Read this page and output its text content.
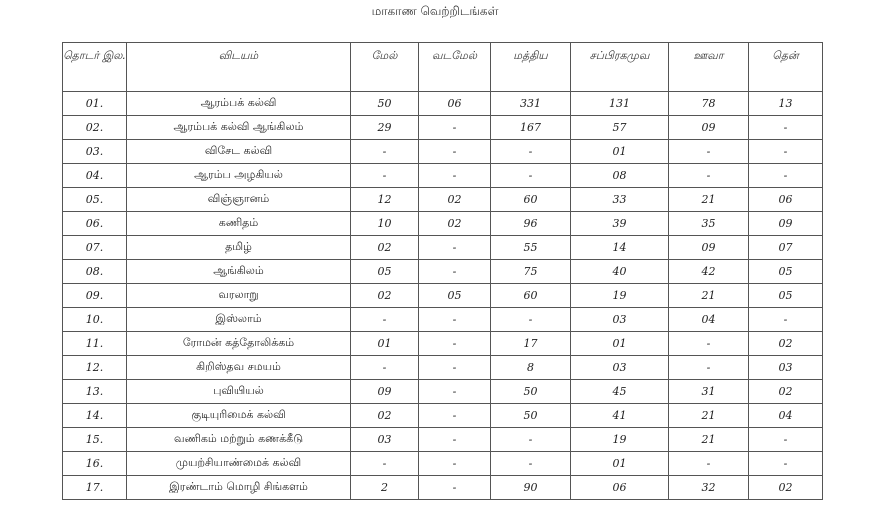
மாகாண வெற்றிடங்கள்
தொடர் இல.	விடயம்	மேல்	வடமேல்	மத்திய	சப்பிரகமுவ	ஊவா	தென்
01.	ஆரம்பக் கல்வி	50	06	331	131	78	13
02.	ஆரம்பக் கல்வி ஆங்கிலம்	29	-	167	57	09	-
03.	விசேட கல்வி	-	-	-	01	-	-
04.	ஆரம்ப அழகியல்	-	-	-	08	-	-
05.	விஞ்ஞானம்	12	02	60	33	21	06
06.	கணிதம்	10	02	96	39	35	09
07.	தமிழ்	02	-	55	14	09	07
08.	ஆங்கிலம்	05	-	75	40	42	05
09.	வரலாறு	02	05	60	19	21	05
10.	இஸ்லாம்	-	-	-	03	04	-
11.	ரோமன் கத்தோலிக்கம்	01	-	17	01	-	02
12.	கிறிஸ்தவ சமயம்	-	-	8	03	-	03
13.	புவியியல்	09	-	50	45	31	02
14.	குடியுரிமைக் கல்வி	02	-	50	41	21	04
15.	வணிகம் மற்றும் கணக்கீடு	03	-	-	19	21	-
16.	முயற்சியாண்மைக் கல்வி	-	-	-	01	-	-
17.	இரண்டாம் மொழி சிங்களம்	2	-	90	06	32	02
